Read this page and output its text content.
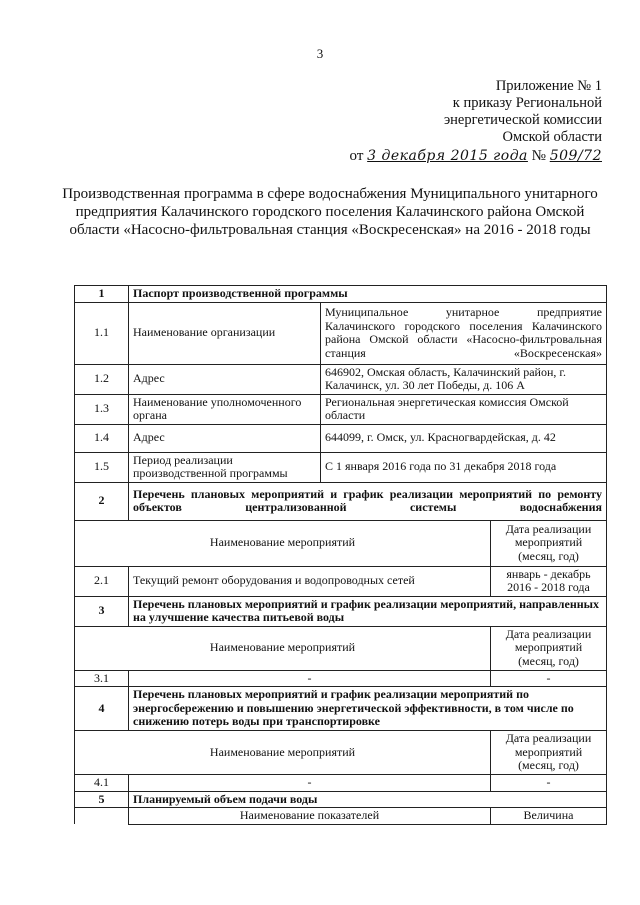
3
Приложение № 1
к приказу Региональной
энергетической комиссии
Омской области
от 3 декабря 2015 года № 509/72
Производственная программа в сфере водоснабжения Муниципального унитарного предприятия Калачинского городского поселения Калачинского района Омской области «Насосно-фильтровальная станция «Воскресенская» на 2016 - 2018 годы
1	Паспорт производственной программы		
1.1	Наименование организации	Муниципальное унитарное предприятие Калачинского городского поселения Калачинского района Омской области «Насосно-фильтровальная станция «Воскресенская»	
1.2	Адрес	646902, Омская область, Калачинский район, г. Калачинск, ул. 30 лет Победы, д. 106 А	
1.3	Наименование уполномоченного органа	Региональная энергетическая комиссия Омской области	
1.4	Адрес	644099, г. Омск, ул. Красногвардейская, д. 42	
1.5	Период реализации производственной программы	С 1 января 2016 года по 31 декабря 2018 года	
2	Перечень плановых мероприятий и график реализации мероприятий по ремонту объектов централизованной системы водоснабжения		
Наименование мероприятий			Дата реализации мероприятий (месяц, год)
2.1	Текущий ремонт оборудования и водопроводных сетей		январь - декабрь 2016 - 2018 года
3	Перечень плановых мероприятий и график реализации мероприятий, направленных на улучшение качества питьевой воды		
Наименование мероприятий			Дата реализации мероприятий (месяц, год)
3.1	-		-
4	Перечень плановых мероприятий и график реализации мероприятий по энергосбережению и повышению энергетической эффективности, в том числе по снижению потерь воды при транспортировке		
Наименование мероприятий			Дата реализации мероприятий (месяц, год)
4.1	-		-
5	Планируемый объем подачи воды		
	Наименование показателей		Величина
